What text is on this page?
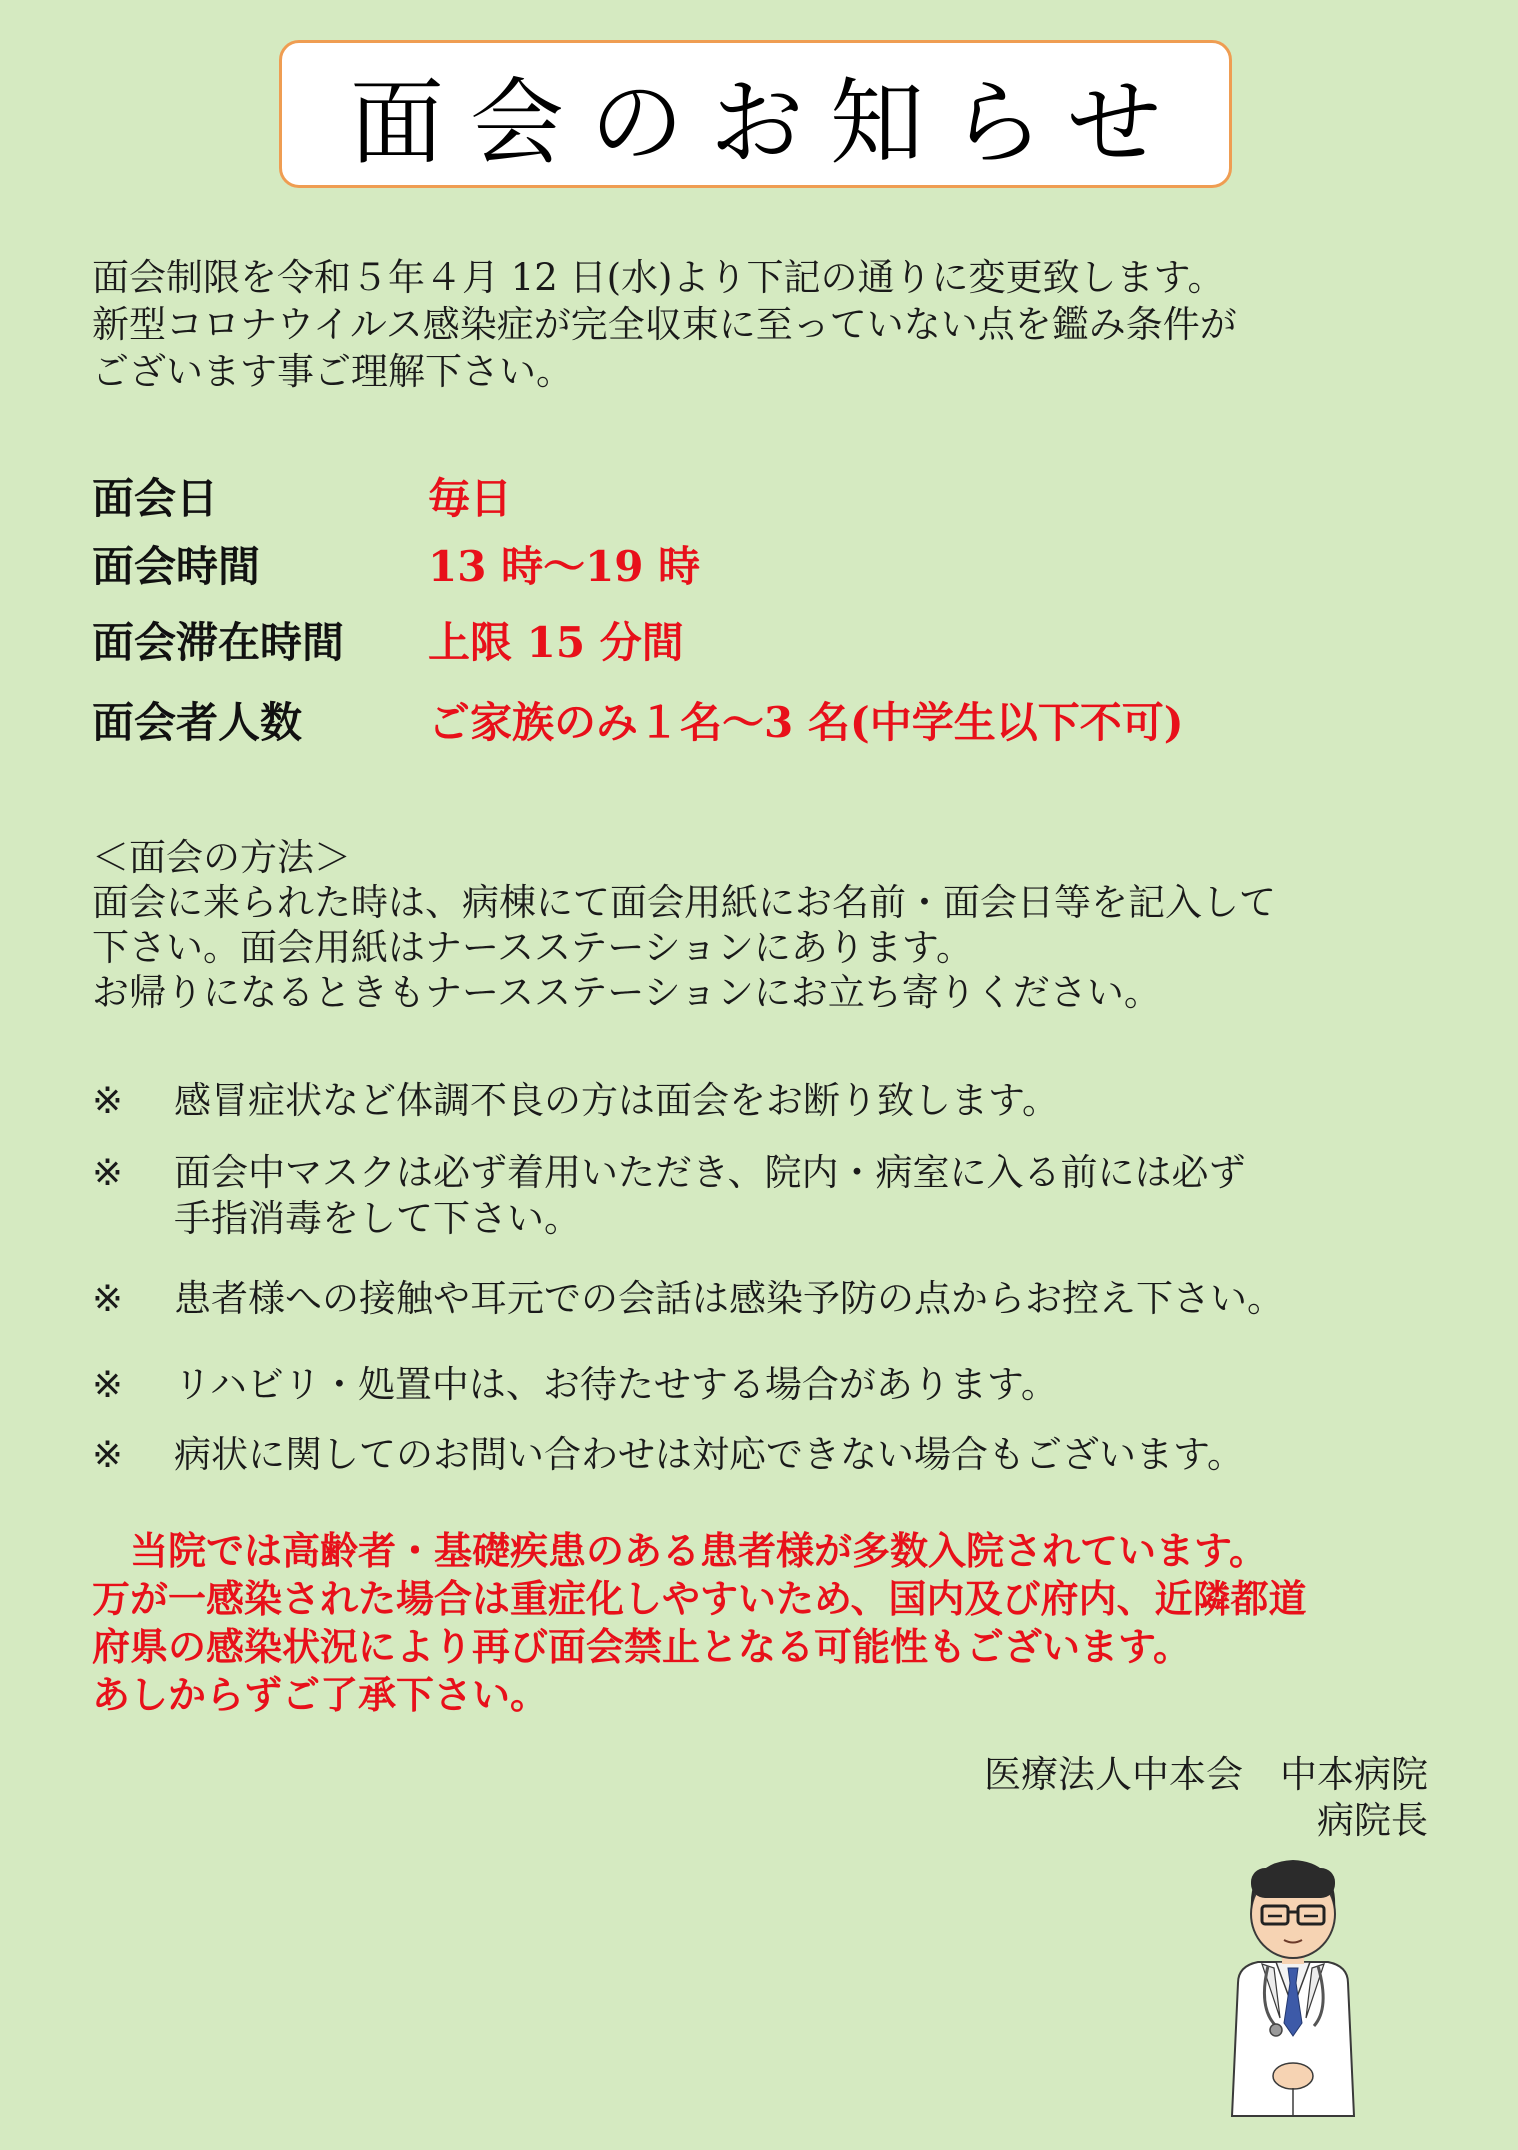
面会のお知らせ
面会制限を令和５年４月 12 日(水)より下記の通りに変更致します。
新型コロナウイルス感染症が完全収束に至っていない点を鑑み条件が
ございます事ご理解下さい。
面会日	毎日
面会時間	13 時～19 時
面会滞在時間 上限 15 分間
面会者人数	ご家族のみ１名～3 名(中学生以下不可)
＜面会の方法＞
面会に来られた時は、病棟にて面会用紙にお名前・面会日等を記入して
下さい。面会用紙はナースステーションにあります。
お帰りになるときもナースステーションにお立ち寄りください。
※ 感冒症状など体調不良の方は面会をお断り致します。
※ 面会中マスクは必ず着用いただき、院内・病室に入る前には必ず
手指消毒をして下さい。
※ 患者様への接触や耳元での会話は感染予防の点からお控え下さい。
※ リハビリ・処置中は、お待たせする場合があります。
※ 病状に関してのお問い合わせは対応できない場合もございます。
　当院では高齢者・基礎疾患のある患者様が多数入院されています。
万が一感染された場合は重症化しやすいため、国内及び府内、近隣都道
府県の感染状況により再び面会禁止となる可能性もございます。
あしからずご了承下さい。
医療法人中本会　中本病院
病院長
